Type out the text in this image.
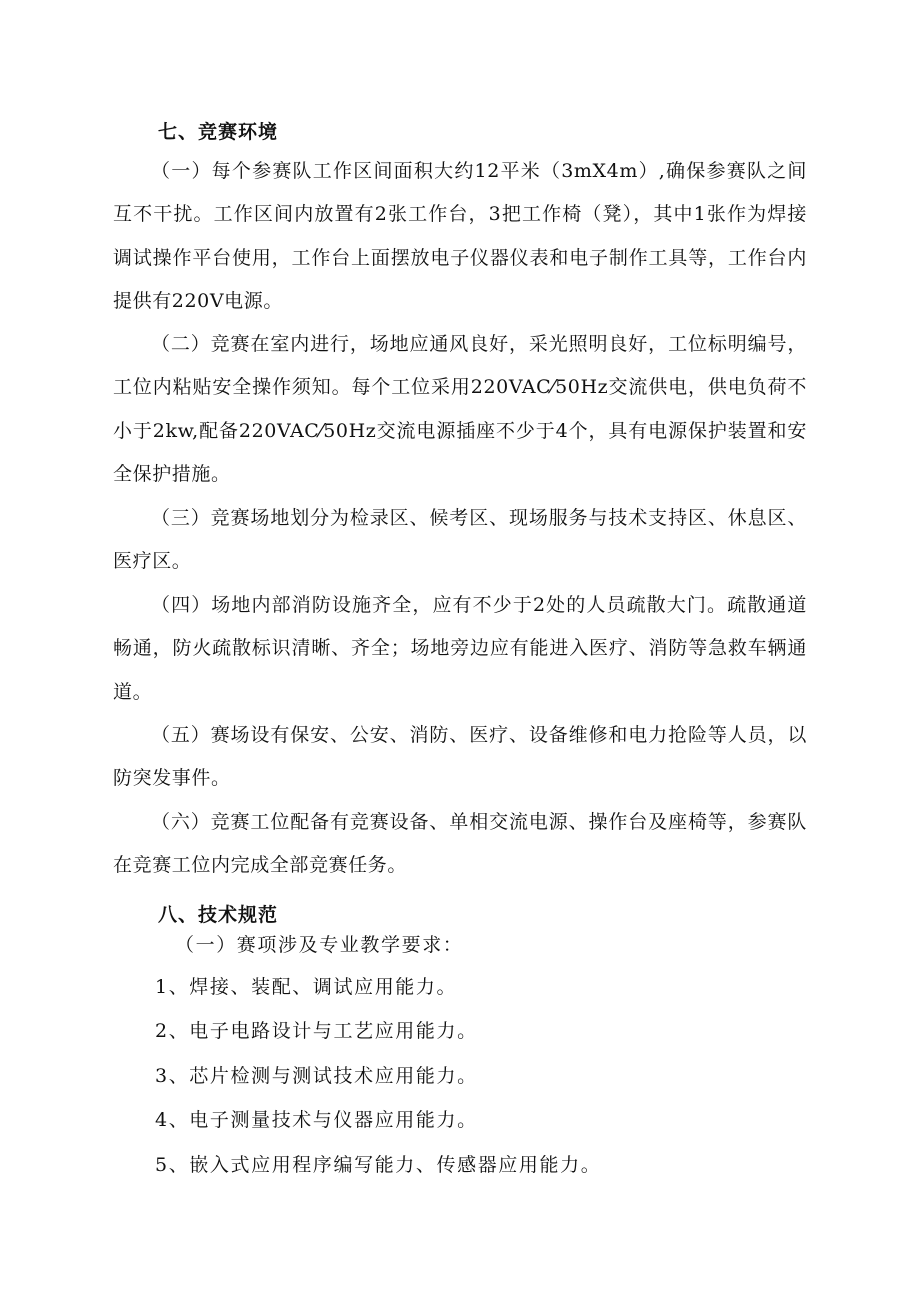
七、竞赛环境
（一）每个参赛队工作区间面积大约12平米（3mX4m）,确保参赛队之间互不干扰。工作区间内放置有2张工作台，3把工作椅（凳），其中1张作为焊接调试操作平台使用，工作台上面摆放电子仪器仪表和电子制作工具等，工作台内提供有220V电源。
（二）竞赛在室内进行，场地应通风良好，采光照明良好，工位标明编号，工位内粘贴安全操作须知。每个工位采用220VAC⁄50Hz交流供电，供电负荷不小于2kw,配备220VAC⁄50Hz交流电源插座不少于4个，具有电源保护装置和安全保护措施。
（三）竞赛场地划分为检录区、候考区、现场服务与技术支持区、休息区、医疗区。
（四）场地内部消防设施齐全，应有不少于2处的人员疏散大门。疏散通道畅通，防火疏散标识清晰、齐全；场地旁边应有能进入医疗、消防等急救车辆通道。
（五）赛场设有保安、公安、消防、医疗、设备维修和电力抢险等人员，以防突发事件。
（六）竞赛工位配备有竞赛设备、单相交流电源、操作台及座椅等，参赛队在竞赛工位内完成全部竞赛任务。
八、技术规范
（一）赛项涉及专业教学要求：
1、焊接、装配、调试应用能力。
2、电子电路设计与工艺应用能力。
3、芯片检测与测试技术应用能力。
4、电子测量技术与仪器应用能力。
5、嵌入式应用程序编写能力、传感器应用能力。
